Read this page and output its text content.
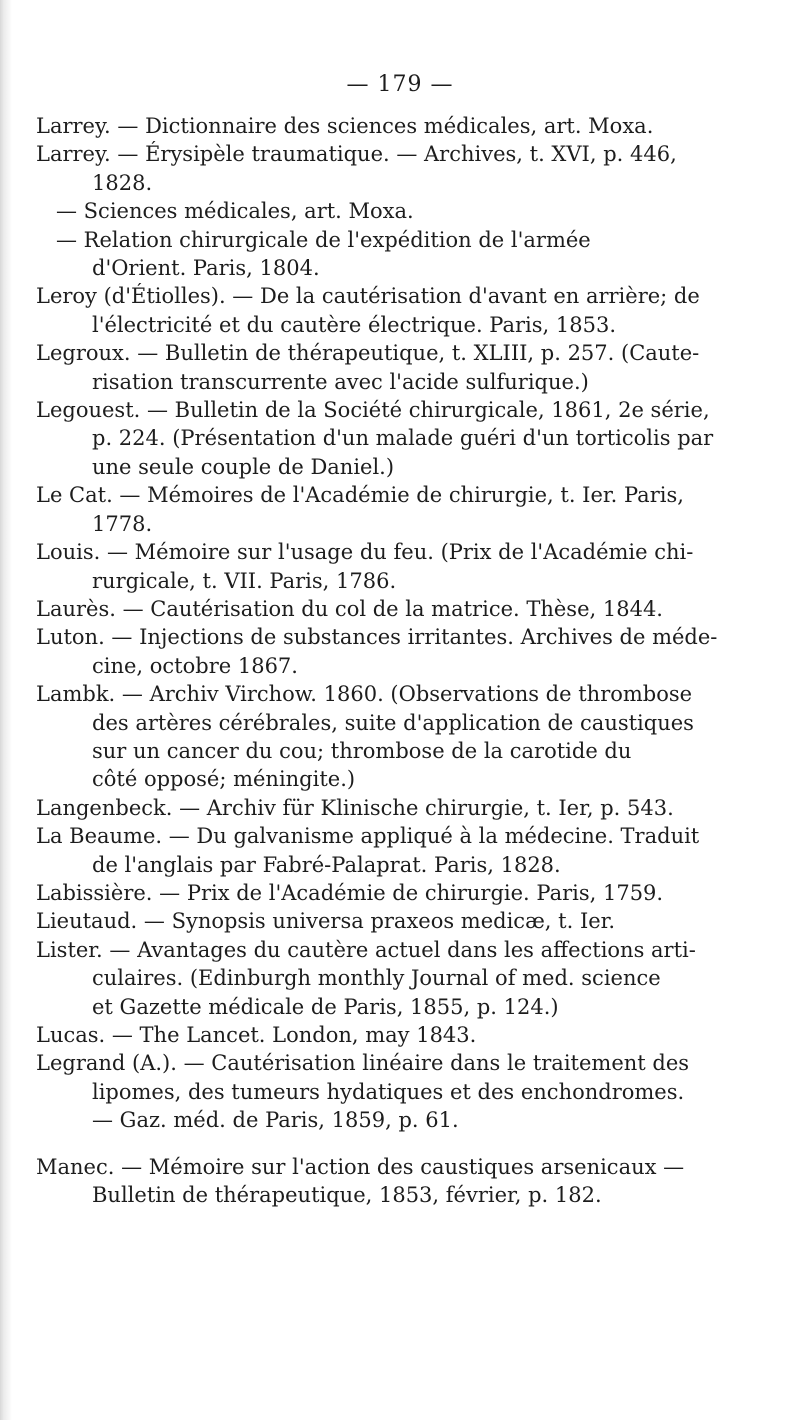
— 179 —
Larrey. — Dictionnaire des sciences médicales, art. Moxa.
Larrey. — Érysipèle traumatique. — Archives, t. XVI, p. 446,
1828.
— Sciences médicales, art. Moxa.
— Relation chirurgicale de l'expédition de l'armée
d'Orient. Paris, 1804.
Leroy (d'Étiolles). — De la cautérisation d'avant en arrière; de
l'électricité et du cautère électrique. Paris, 1853.
Legroux. — Bulletin de thérapeutique, t. XLIII, p. 257. (Caute-
risation transcurrente avec l'acide sulfurique.)
Legouest. — Bulletin de la Société chirurgicale, 1861, 2e série,
p. 224. (Présentation d'un malade guéri d'un torticolis par
une seule couple de Daniel.)
Le Cat. — Mémoires de l'Académie de chirurgie, t. Ier. Paris,
1778.
Louis. — Mémoire sur l'usage du feu. (Prix de l'Académie chi-
rurgicale, t. VII. Paris, 1786.
Laurès. — Cautérisation du col de la matrice. Thèse, 1844.
Luton. — Injections de substances irritantes. Archives de méde-
cine, octobre 1867.
Lambk. — Archiv Virchow. 1860. (Observations de thrombose
des artères cérébrales, suite d'application de caustiques
sur un cancer du cou; thrombose de la carotide du
côté opposé; méningite.)
Langenbeck. — Archiv für Klinische chirurgie, t. Ier, p. 543.
La Beaume. — Du galvanisme appliqué à la médecine. Traduit
de l'anglais par Fabré-Palaprat. Paris, 1828.
Labissière. — Prix de l'Académie de chirurgie. Paris, 1759.
Lieutaud. — Synopsis universa praxeos medicæ, t. Ier.
Lister. — Avantages du cautère actuel dans les affections arti-
culaires. (Edinburgh monthly Journal of med. science
et Gazette médicale de Paris, 1855, p. 124.)
Lucas. — The Lancet. London, may 1843.
Legrand (A.). — Cautérisation linéaire dans le traitement des
lipomes, des tumeurs hydatiques et des enchondromes.
— Gaz. méd. de Paris, 1859, p. 61.
Manec. — Mémoire sur l'action des caustiques arsenicaux —
Bulletin de thérapeutique, 1853, février, p. 182.
